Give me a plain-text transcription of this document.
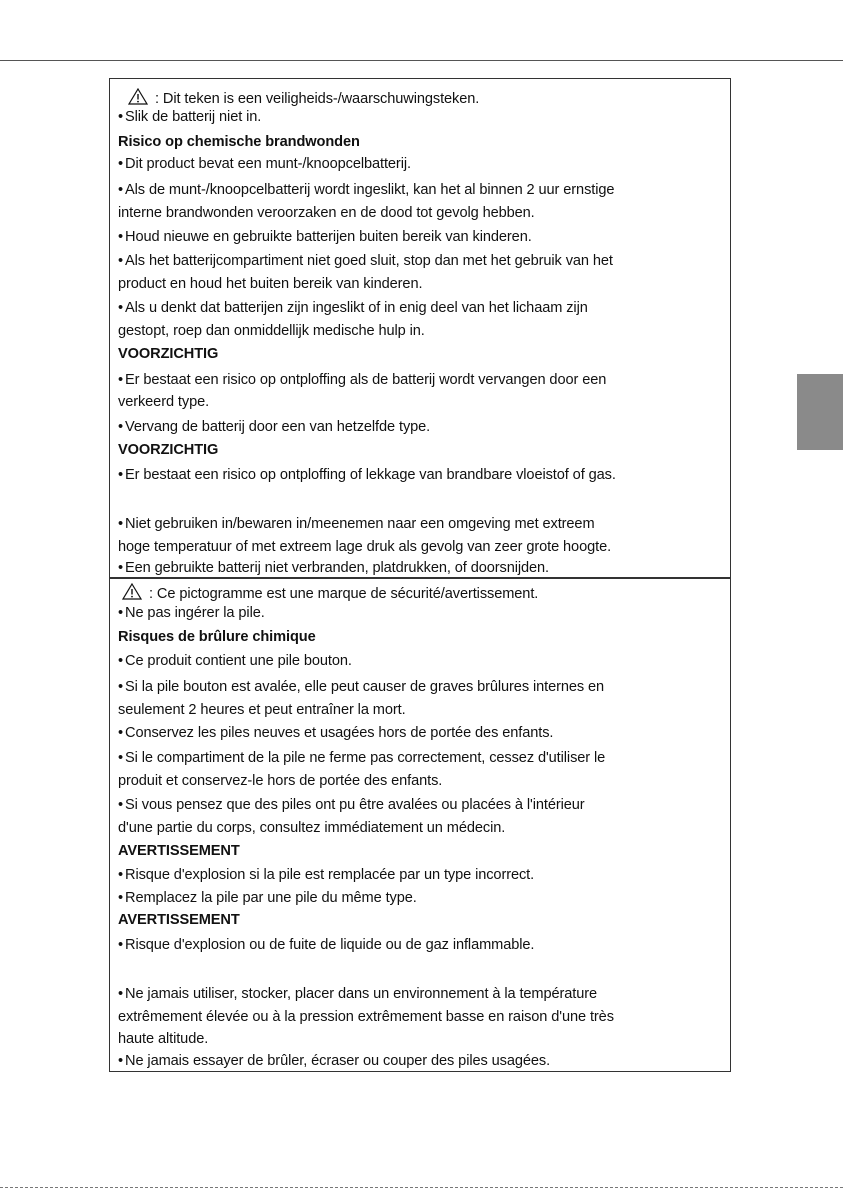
: Dit teken is een veiligheids-/waarschuwingsteken.
• Slik de batterij niet in.
Risico op chemische brandwonden
• Dit product bevat een munt-/knoopcelbatterij.
• Als de munt-/knoopcelbatterij wordt ingeslikt, kan het al binnen 2 uur ernstige
interne brandwonden veroorzaken en de dood tot gevolg hebben.
• Houd nieuwe en gebruikte batterijen buiten bereik van kinderen.
• Als het batterijcompartiment niet goed sluit, stop dan met het gebruik van het
product en houd het buiten bereik van kinderen.
• Als u denkt dat batterijen zijn ingeslikt of in enig deel van het lichaam zijn
gestopt, roep dan onmiddellijk medische hulp in.
VOORZICHTIG
• Er bestaat een risico op ontploffing als de batterij wordt vervangen door een
verkeerd type.
• Vervang de batterij door een van hetzelfde type.
VOORZICHTIG
• Er bestaat een risico op ontploffing of lekkage van brandbare vloeistof of gas.
• Niet gebruiken in/bewaren in/meenemen naar een omgeving met extreem
hoge temperatuur of met extreem lage druk als gevolg van zeer grote hoogte.
• Een gebruikte batterij niet verbranden, platdrukken, of doorsnijden.
: Ce pictogramme est une marque de sécurité/avertissement.
• Ne pas ingérer la pile.
Risques de brûlure chimique
• Ce produit contient une pile bouton.
• Si la pile bouton est avalée, elle peut causer de graves brûlures internes en
seulement 2 heures et peut entraîner la mort.
• Conservez les piles neuves et usagées hors de portée des enfants.
• Si le compartiment de la pile ne ferme pas correctement, cessez d'utiliser le
produit et conservez-le hors de portée des enfants.
• Si vous pensez que des piles ont pu être avalées ou placées à l'intérieur
d'une partie du corps, consultez immédiatement un médecin.
AVERTISSEMENT
• Risque d'explosion si la pile est remplacée par un type incorrect.
• Remplacez la pile par une pile du même type.
AVERTISSEMENT
• Risque d'explosion ou de fuite de liquide ou de gaz inflammable.
• Ne jamais utiliser, stocker, placer dans un environnement à la température
extrêmement élevée ou à la pression extrêmement basse en raison d'une très
haute altitude.
• Ne jamais essayer de brûler, écraser ou couper des piles usagées.
